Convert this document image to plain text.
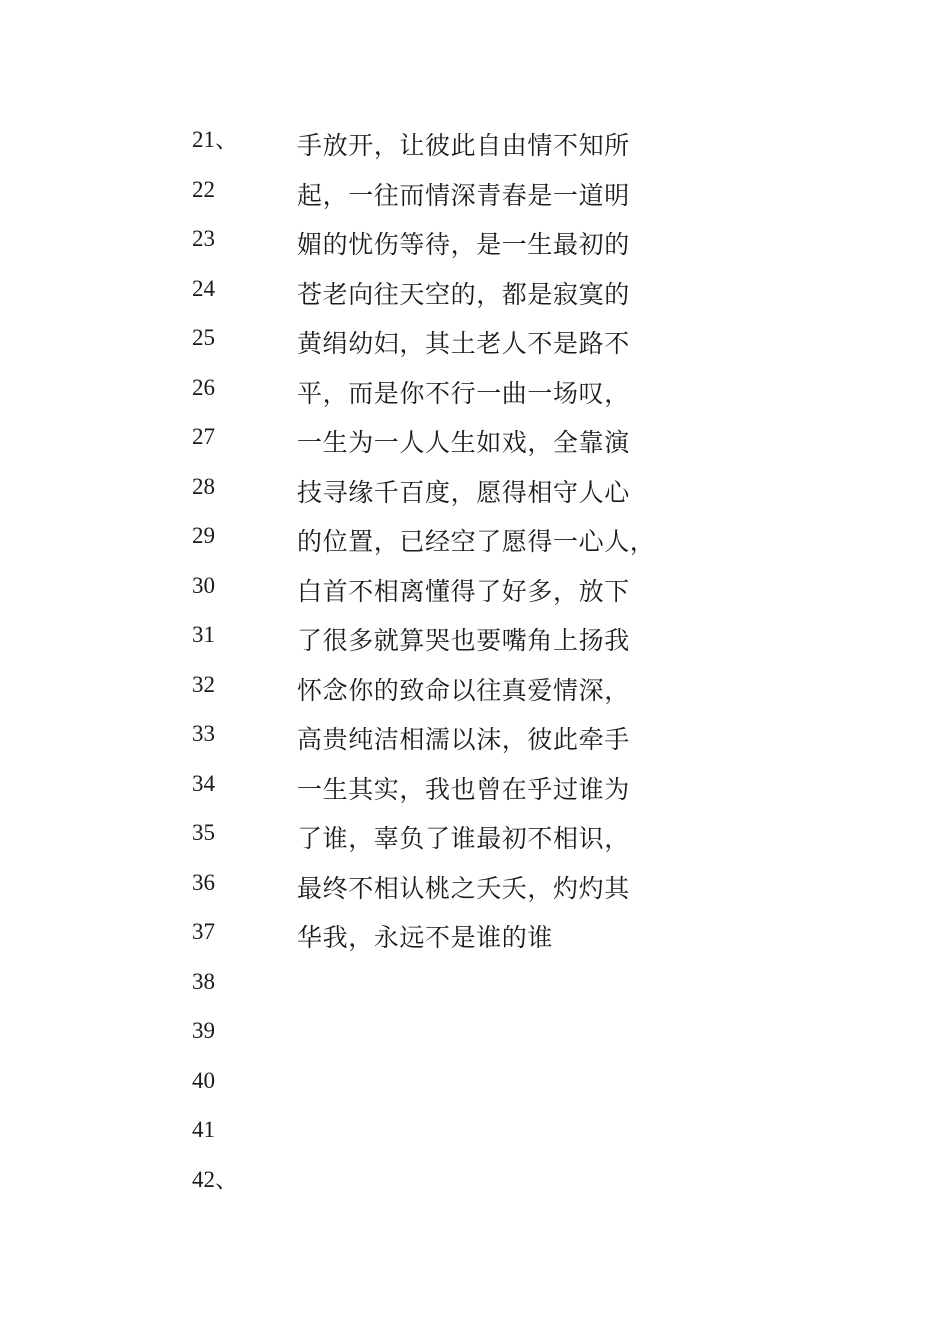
21、
22
23
24
25
26
27
28
29
30
31
32
33
34
35
36
37
38
39
40
41
42、
手放开，让彼此自由情不知所
起，一往而情深青春是一道明
媚的忧伤等待，是一生最初的
苍老向往天空的，都是寂寞的
黄绢幼妇，其土老人不是路不
平，而是你不行一曲一场叹，
一生为一人人生如戏，全靠演
技寻缘千百度，愿得相守人心
的位置，已经空了愿得一心人，
白首不相离懂得了好多，放下
了很多就算哭也要嘴角上扬我
怀念你的致命以往真爱情深，
高贵纯洁相濡以沫，彼此牵手
一生其实，我也曾在乎过谁为
了谁，辜负了谁最初不相识，
最终不相认桃之夭夭，灼灼其
华我，永远不是谁的谁
